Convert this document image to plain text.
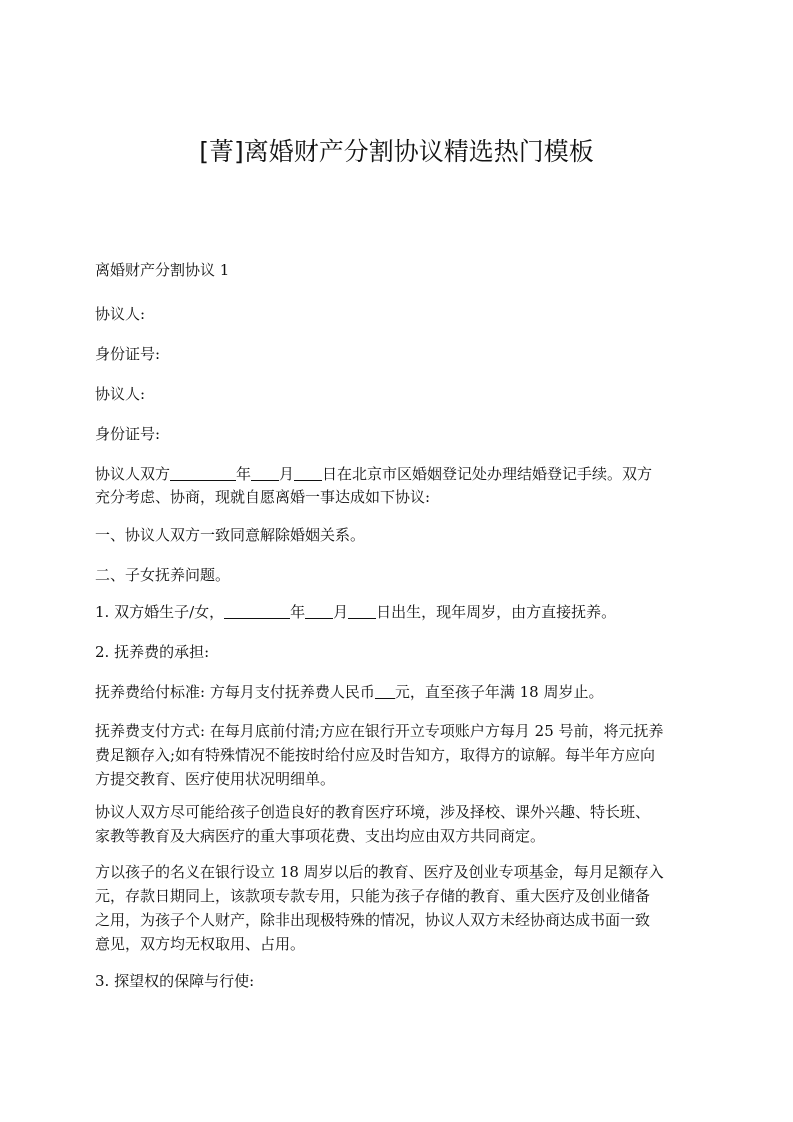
[菁]离婚财产分割协议精选热门模板

离婚财产分割协议 1

协议人:

身份证号:

协议人:

身份证号:

协议人双方	年 月 日在北京市区婚姻登记处办理结婚登记手续。双方

充分考虑、协商，现就自愿离婚一事达成如下协议:

一、协议人双方一致同意解除婚姻关系。

二、子女抚养问题。

1. 双方婚生子/女，	年 月 日出生，现年周岁，由方直接抚养。

2. 抚养费的承担:

抚养费给付标准: 方每月支付抚养费人民币 元，直至孩子年满 18 周岁止。

抚养费支付方式: 在每月底前付清;方应在银行开立专项账户方每月 25 号前，将元抚养

费足额存入;如有特殊情况不能按时给付应及时告知方，取得方的谅解。每半年方应向

方提交教育、医疗使用状况明细单。

协议人双方尽可能给孩子创造良好的教育医疗环境，涉及择校、课外兴趣、特长班、

家教等教育及大病医疗的重大事项花费、支出均应由双方共同商定。

方以孩子的名义在银行设立 18 周岁以后的教育、医疗及创业专项基金，每月足额存入

元，存款日期同上，该款项专款专用，只能为孩子存储的教育、重大医疗及创业储备

之用，为孩子个人财产，除非出现极特殊的情况，协议人双方未经协商达成书面一致

意见，双方均无权取用、占用。

3. 探望权的保障与行使:
